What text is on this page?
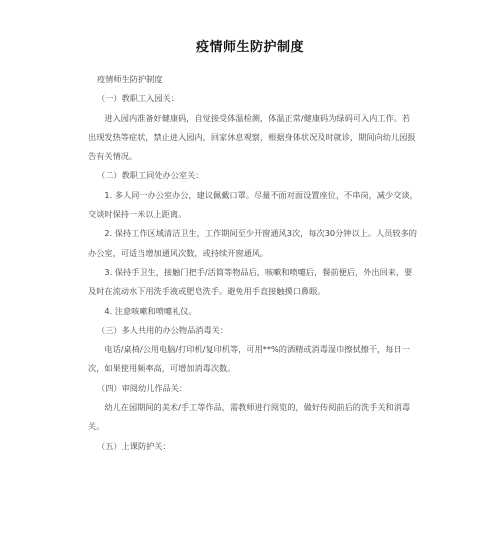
疫情师生防护制度

疫情师生防护制度

（一）教职工入园关：

进入园内准备好健康码，自觉接受体温检测，体温正常/健康码为绿码可入内工作。若出现发热等症状，禁止进入园内，回家休息观察，根据身体状况及时就诊，期间向幼儿园报告有关情况。

（二）教职工同处办公室关：

1. 多人同一办公室办公，建议佩戴口罩。尽量不面对面设置座位，不串岗，减少交谈，交谈时保持一米以上距离。

2. 保持工作区域清洁卫生，工作期间至少开窗通风3次，每次30分钟以上。人员较多的办公室，可适当增加通风次数，或持续开窗通风。

3. 保持手卫生，接触门把手/活简等物品后，咳嗽和喷嚏后，餐前便后，外出回来，要及时在流动水下用洗手液或肥皂洗手。避免用手直接触摸口鼻眼。

4. 注意咳嗽和喷嚏礼仪。

（三）多人共用的办公物品消毒关：

电话/桌椅/公用电脑/打印机/复印机等，可用**%的酒精或消毒湿巾擦拭擦干，每日一次，如果使用频率高，可增加消毒次数。

（四）审阅幼儿作品关：

幼儿在园期间的美术/手工等作品，需教师进行阅览的，做好传阅前后的洗手关和消毒关。

（五）上课防护关：
